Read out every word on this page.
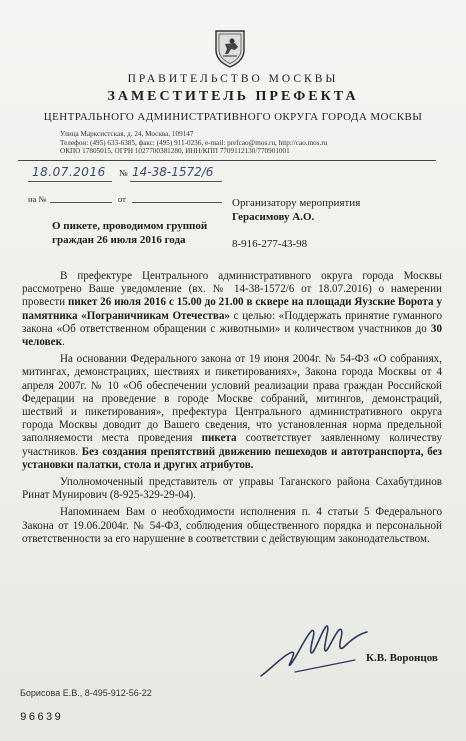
ПРАВИТЕЛЬСТВО МОСКВЫ
ЗАМЕСТИТЕЛЬ ПРЕФЕКТА
ЦЕНТРАЛЬНОГО АДМИНИСТРАТИВНОГО ОКРУГА ГОРОДА МОСКВЫ
Улица Марксистская, д. 24, Москва, 109147
Телефон: (495) 633-6385, факс: (495) 911-0236, e-mail: prefcao@mos.ru, http://cao.mos.ru
ОКПО 17805015, ОГРН 1027700381280, ИНН/КПП 7709112130/770901001
18.07.2016 № 14-38-1572/6
на №	от
О пикете, проводимом группой
граждан 26 июля 2016 года
Организатору мероприятия
Герасимову А.О.
8-916-277-43-98

В префектуре Центрального административного округа города Москвы рассмотрено Ваше уведомление (вх. № 14-38-1572/6 от 18.07.2016) о намерении провести пикет 26 июля 2016 с 15.00 до 21.00 в сквере на площади Яузские Ворота у памятника «Пограничникам Отечества» с целью: «Поддержать принятие гуманного закона «Об ответственном обращении с животными» и количеством участников до 30 человек.

На основании Федерального закона от 19 июня 2004г. № 54-ФЗ «О собраниях, митингах, демонстрациях, шествиях и пикетированиях», Закона города Москвы от 4 апреля 2007г. № 10 «Об обеспечении условий реализации права граждан Российской Федерации на проведение в городе Москве собраний, митингов, демонстраций, шествий и пикетирования», префектура Центрального административного округа города Москвы доводит до Вашего сведения, что установленная норма предельной заполняемости места проведения пикета соответствует заявленному количеству участников. Без создания препятствий движению пешеходов и автотранспорта, без установки палатки, стола и других атрибутов.

Уполномоченный представитель от управы Таганского района Сахабутдинов Ринат Мунирович (8-925-329-29-04).

Напоминаем Вам о необходимости исполнения п. 4 статьи 5 Федерального Закона от 19.06.2004г. № 54-ФЗ, соблюдения общественного порядка и персональной ответственности за его нарушение в соответствии с действующим законодательством.

К.В. Воронцов
Борисова Е.В., 8-495-912-56-22
96639
